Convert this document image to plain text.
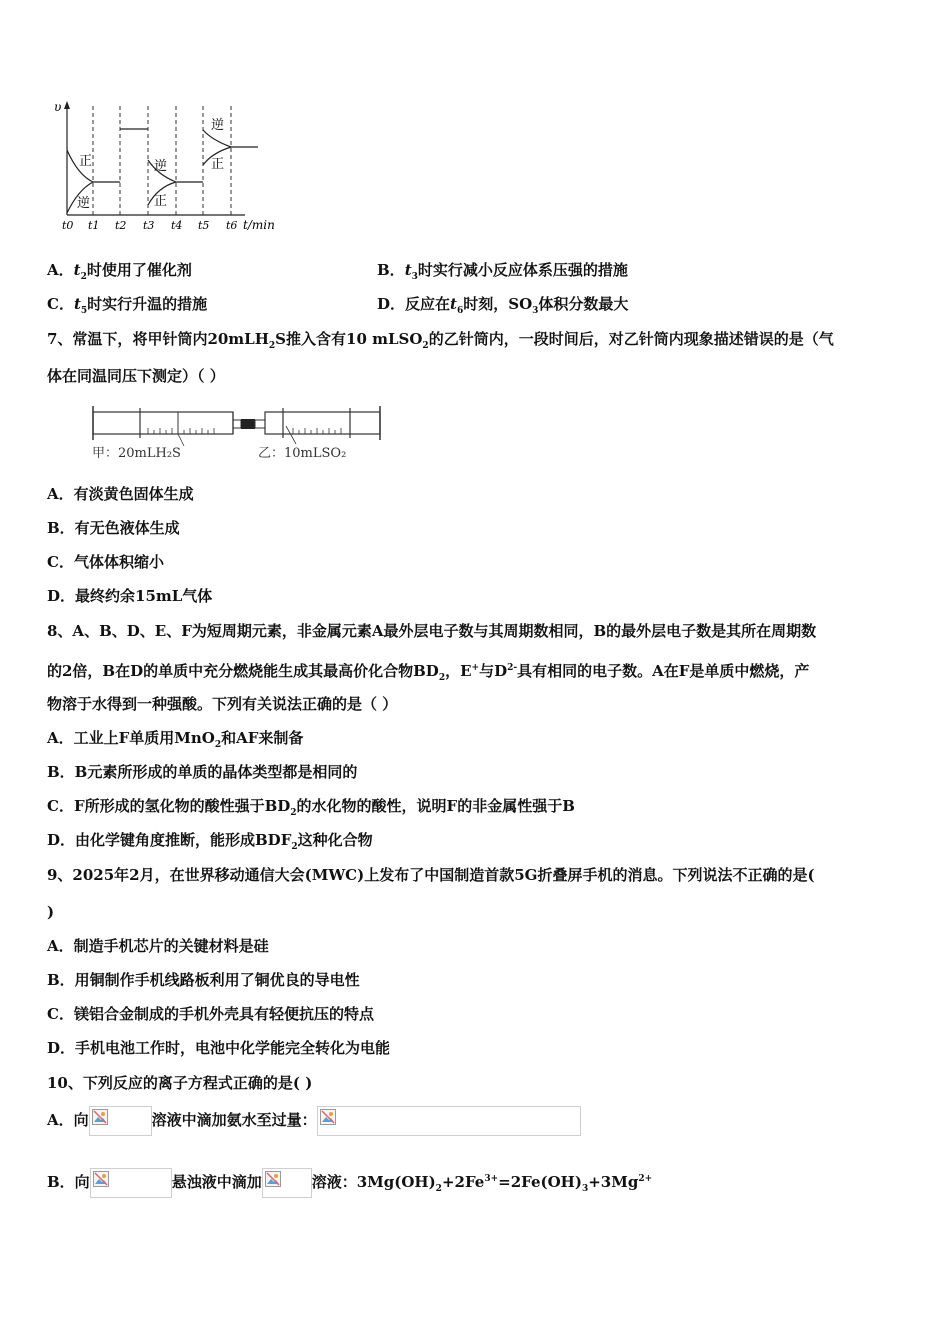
υ
正
逆
逆
正
逆
正
t0 t1 t2 t3 t4 t5 t6 t/min
A．$t_2$时使用了催化剂	B．$t_3$时实行减小反应体系压强的措施
C．$t_5$时实行升温的措施	D．反应在$t_6$时刻，$SO_3$体积分数最大
7、常温下，将甲针筒内20mLH$_2$S推入含有10 mLSO$_2$的乙针筒内，一段时间后，对乙针筒内现象描述错误的是（气
体在同温同压下测定）（ ）
甲：20mLH₂S	乙：10mLSO₂
A．有淡黄色固体生成
B．有无色液体生成
C．气体体积缩小
D．最终约余15mL气体
8、A、B、D、E、F为短周期元素，非金属元素A最外层电子数与其周期数相同，B的最外层电子数是其所在周期数
的2倍，B在D的单质中充分燃烧能生成其最高价化合物$BD_2$，E+与$D^{2-}$具有相同的电子数。A在F是单质中燃烧，产
物溶于水得到一种强酸。下列有关说法正确的是（ ）
A．工业上F单质用MnO$_2$和AF来制备
B．B元素所形成的单质的晶体类型都是相同的
C．F所形成的氢化物的酸性强于$BD_2$的水化物的酸性，说明F的非金属性强于B
D．由化学键角度推断，能形成$BDF_2$这种化合物
9、2025年2月，在世界移动通信大会(MWC)上发布了中国制造首款5G折叠屏手机的消息。下列说法不正确的是(
)
A．制造手机芯片的关键材料是硅
B．用铜制作手机线路板利用了铜优良的导电性
C．镁铝合金制成的手机外壳具有轻便抗压的特点
D．手机电池工作时，电池中化学能完全转化为电能
10、下列反应的离子方程式正确的是( )
A．向	溶液中滴加氨水至过量：
B．向	悬浊液中滴加	溶液：$3Mg(OH)_2+2Fe^{3+}=2Fe(OH)_3+3Mg^{2+}$
